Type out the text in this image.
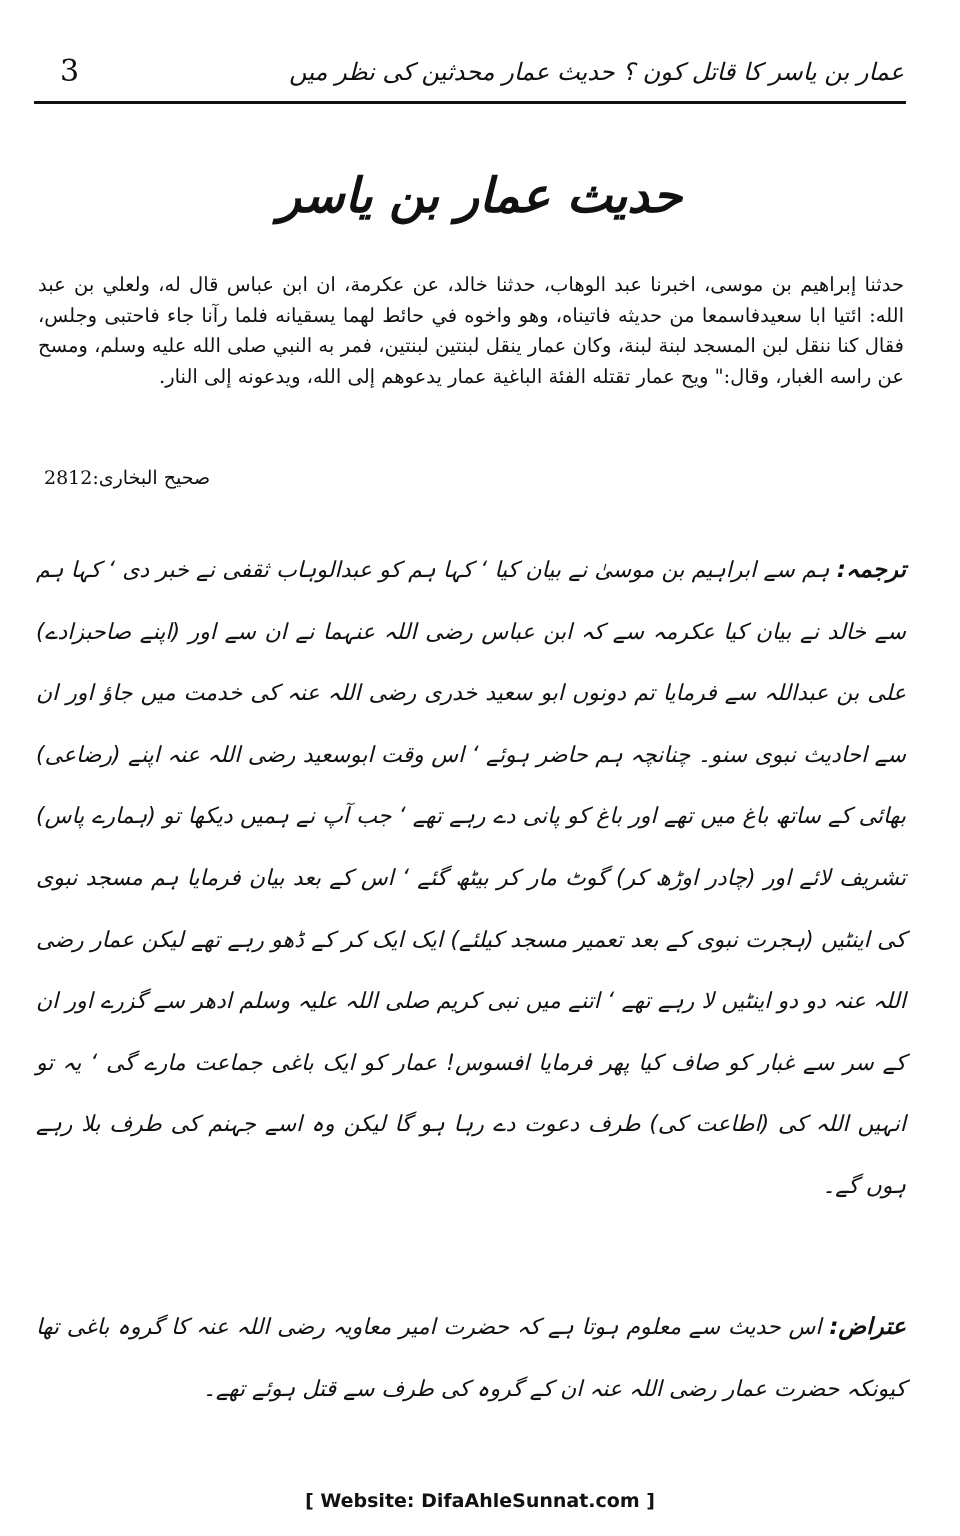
3	عمار بن یاسر کا قاتل کون ؟ حدیث عمار محدثین کی نظر میں
حدیث عمار بن یاسر

حدثنا إبراهيم بن موسى، اخبرنا عبد الوهاب، حدثنا خالد، عن عكرمة، ان ابن عباس قال له، ولعلي بن عبد الله: ائتيا ابا سعيدفاسمعا من حديثه فاتيناه، وهو واخوه في حائط لهما يسقيانه فلما رآنا جاء فاحتبى وجلس، فقال كنا ننقل لبن المسجد لبنة لبنة، وكان عمار ينقل لبنتين لبنتين، فمر به النبي صلى الله عليه وسلم، ومسح عن راسه الغبار، وقال:" ويح عمار تقتله الفئة الباغية عمار يدعوهم إلى الله، ويدعونه إلى النار.

صحیح البخاری:2812

ترجمہ: ہم سے ابراہیم بن موسیٰ نے بیان کیا ‘ کہا ہم کو عبدالوہاب ثقفی نے خبر دی ‘ کہا ہم سے خالد نے بیان کیا عکرمہ سے کہ ابن عباس رضی اللہ عنہما نے ان سے اور (اپنے صاحبزادے) علی بن عبداللہ سے فرمایا تم دونوں ابو سعید خدری رضی اللہ عنہ کی خدمت میں جاؤ اور ان سے احادیث نبوی سنو۔ چنانچہ ہم حاضر ہوئے ‘ اس وقت ابوسعید رضی اللہ عنہ اپنے (رضاعی) بھائی کے ساتھ باغ میں تھے اور باغ کو پانی دے رہے تھے ‘ جب آپ نے ہمیں دیکھا تو (ہمارے پاس) تشریف لائے اور (چادر اوڑھ کر) گوٹ مار کر بیٹھ گئے ‘ اس کے بعد بیان فرمایا ہم مسجد نبوی کی اینٹیں (ہجرت نبوی کے بعد تعمیر مسجد کیلئے) ایک ایک کر کے ڈھو رہے تھے لیکن عمار رضی اللہ عنہ دو دو اینٹیں لا رہے تھے ‘ اتنے میں نبی کریم صلی اللہ علیہ وسلم ادھر سے گزرے اور ان کے سر سے غبار کو صاف کیا پھر فرمایا افسوس! عمار کو ایک باغی جماعت مارے گی ‘ یہ تو انہیں اللہ کی (اطاعت کی) طرف دعوت دے رہا ہو گا لیکن وہ اسے جہنم کی طرف بلا رہے ہوں گے۔

عتراض: اس حدیث سے معلوم ہوتا ہے کہ حضرت امیر معاویہ رضی اللہ عنہ کا گروہ باغی تھا کیونکہ حضرت عمار رضی اللہ عنہ ان کے گروہ کی طرف سے قتل ہوئے تھے۔

[ Website: DifaAhleSunnat.com ]
